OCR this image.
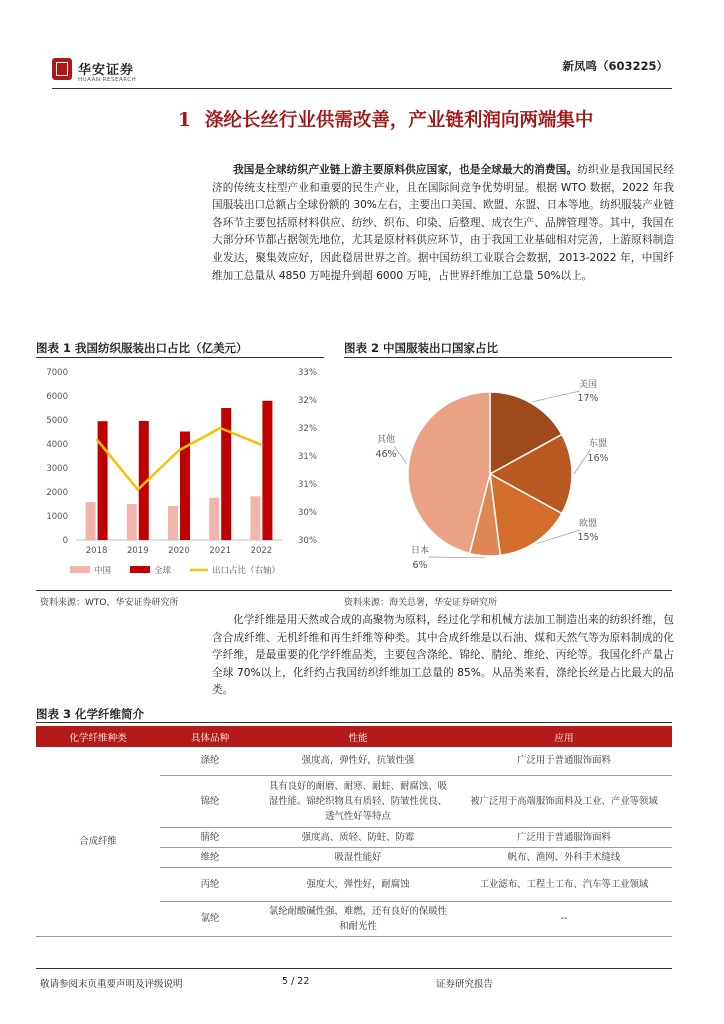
华安证券
HUAAN RESEARCH
新凤鸣（603225）
1 涤纶长丝行业供需改善，产业链利润向两端集中
我国是全球纺织产业链上游主要原料供应国家，也是全球最大的消费国。纺织业是我国国民经济的传统支柱型产业和重要的民生产业，且在国际间竞争优势明显。根据 WTO 数据，2022 年我国服装出口总额占全球份额的 30%左右，主要出口美国、欧盟、东盟、日本等地。纺织服装产业链各环节主要包括原材料供应、纺纱、织布、印染、后整理、成衣生产、品牌管理等。其中，我国在大部分环节都占据领先地位，尤其是原材料供应环节，由于我国工业基础相对完善，上游原料制造业发达，聚集效应好，因此稳居世界之首。据中国纺织工业联合会数据，2013-2022 年，中国纤维加工总量从 4850 万吨提升到超 6000 万吨，占世界纤维加工总量 50%以上。
图表 1 我国纺织服装出口占比（亿美元）	图表 2 中国服装出口国家占比
0
1000
2000
3000
4000
5000
6000
7000
30%
30%
31%
31%
32%
32%
33%
2018 2019 2020 2021 2022
中国	全球	出口占比（右轴）
美国
17%
东盟
16%
欧盟
15%
日本
6%
其他
46%
资料来源：WTO，华安证券研究所	资料来源：海关总署，华安证券研究所
化学纤维是用天然或合成的高聚物为原料，经过化学和机械方法加工制造出来的纺织纤维，包含合成纤维、无机纤维和再生纤维等种类。其中合成纤维是以石油、煤和天然气等为原料制成的化学纤维，是最重要的化学纤维品类，主要包含涤纶、锦纶、腈纶、维纶、丙纶等。我国化纤产量占全球 70%以上，化纤约占我国纺织纤维加工总量的 85%。从品类来看，涤纶长丝是占比最大的品类。
图表 3 化学纤维简介
化学纤维种类	具体品种	性能	应用
合成纤维	涤纶	强度高，弹性好，抗皱性强	广泛用于普通服饰面料
	锦纶	具有良好的耐磨、耐寒、耐蛀、耐腐蚀、吸湿性能。锦纶织物具有质轻、防皱性优良、透气性好等特点	被广泛用于高端服饰面料及工业、产业等领域
	腈纶	强度高、质轻、防蛀、防霉	广泛用于普通服饰面料
	维纶	吸湿性能好	帆布、渔网、外科手术缝线
	丙纶	强度大，弹性好，耐腐蚀	工业滤布、工程土工布、汽车等工业领域
	氯纶	氯纶耐酸碱性强，难燃，还有良好的保暖性和耐光性	--
敬请参阅末页重要声明及评级说明	5 / 22	证券研究报告
